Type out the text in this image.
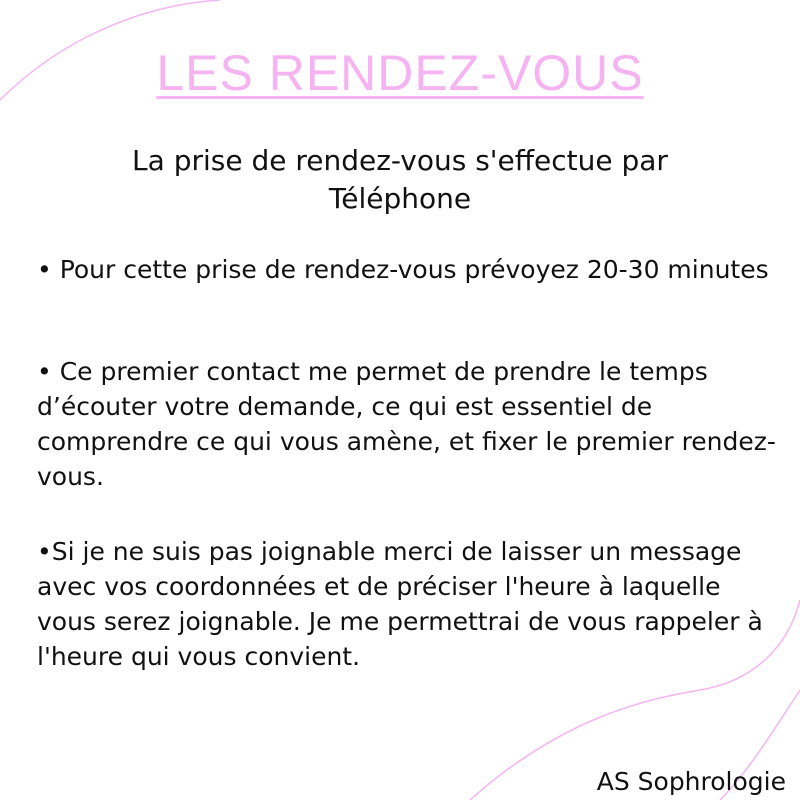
LES RENDEZ-VOUS
La prise de rendez-vous s'effectue par Téléphone

• Pour cette prise de rendez-vous prévoyez 20-30 minutes

• Ce premier contact me permet de prendre le temps d’écouter votre demande, ce qui est essentiel de comprendre ce qui vous amène, et fixer le premier rendez-vous.

•Si je ne suis pas joignable merci de laisser un message avec vos coordonnées et de préciser l'heure à laquelle vous serez joignable. Je me permettrai de vous rappeler à l'heure qui vous convient.

AS Sophrologie
